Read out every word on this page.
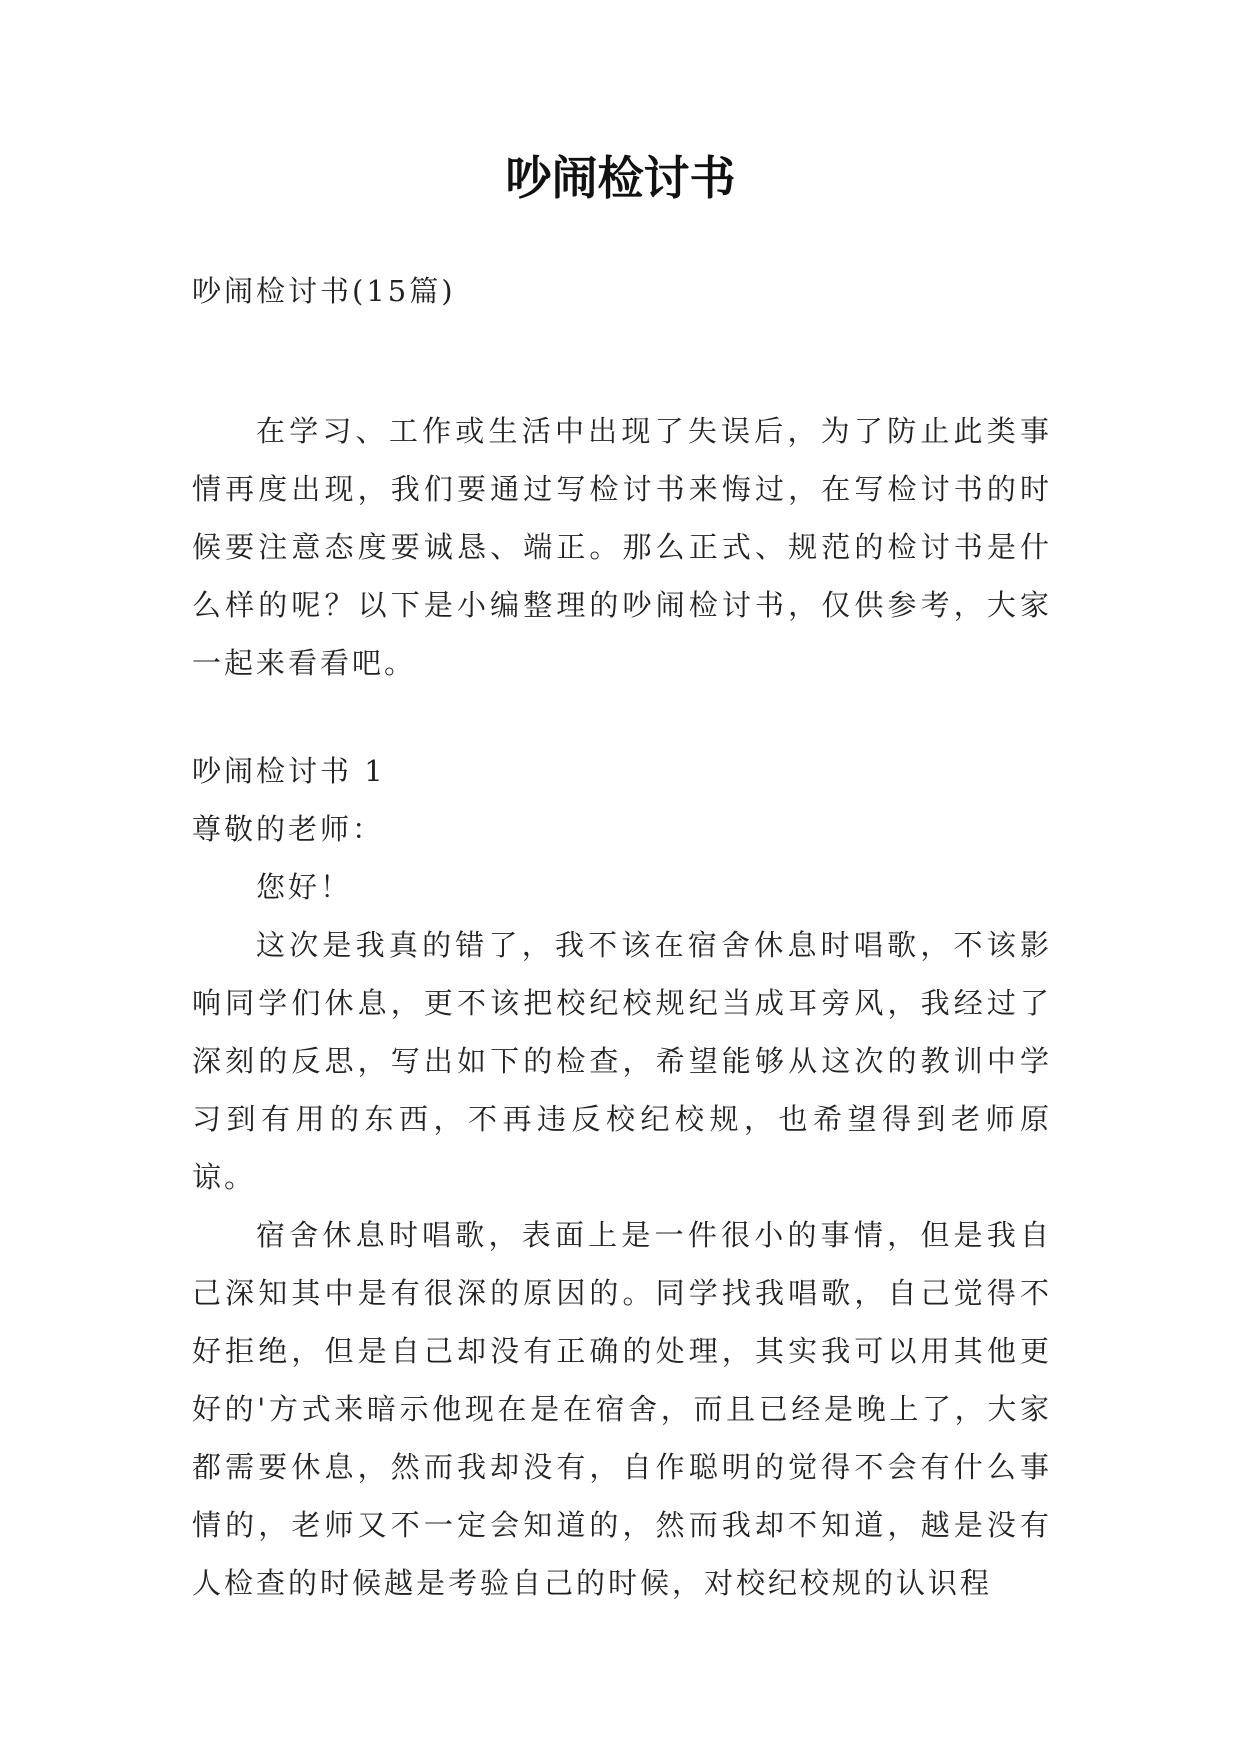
吵闹检讨书
吵闹检讨书(15篇)

在学习、工作或生活中出现了失误后，为了防止此类事情再度出现，我们要通过写检讨书来悔过，在写检讨书的时候要注意态度要诚恳、端正。那么正式、规范的检讨书是什么样的呢？以下是小编整理的吵闹检讨书，仅供参考，大家一起来看看吧。

吵闹检讨书 1

尊敬的老师：

您好！

这次是我真的错了，我不该在宿舍休息时唱歌，不该影响同学们休息，更不该把校纪校规纪当成耳旁风，我经过了深刻的反思，写出如下的检查，希望能够从这次的教训中学习到有用的东西，不再违反校纪校规，也希望得到老师原谅。

宿舍休息时唱歌，表面上是一件很小的事情，但是我自己深知其中是有很深的原因的。同学找我唱歌，自己觉得不好拒绝，但是自己却没有正确的处理，其实我可以用其他更好的'方式来暗示他现在是在宿舍，而且已经是晚上了，大家都需要休息，然而我却没有，自作聪明的觉得不会有什么事情的，老师又不一定会知道的，然而我却不知道，越是没有人检查的时候越是考验自己的时候，对校纪校规的认识程
